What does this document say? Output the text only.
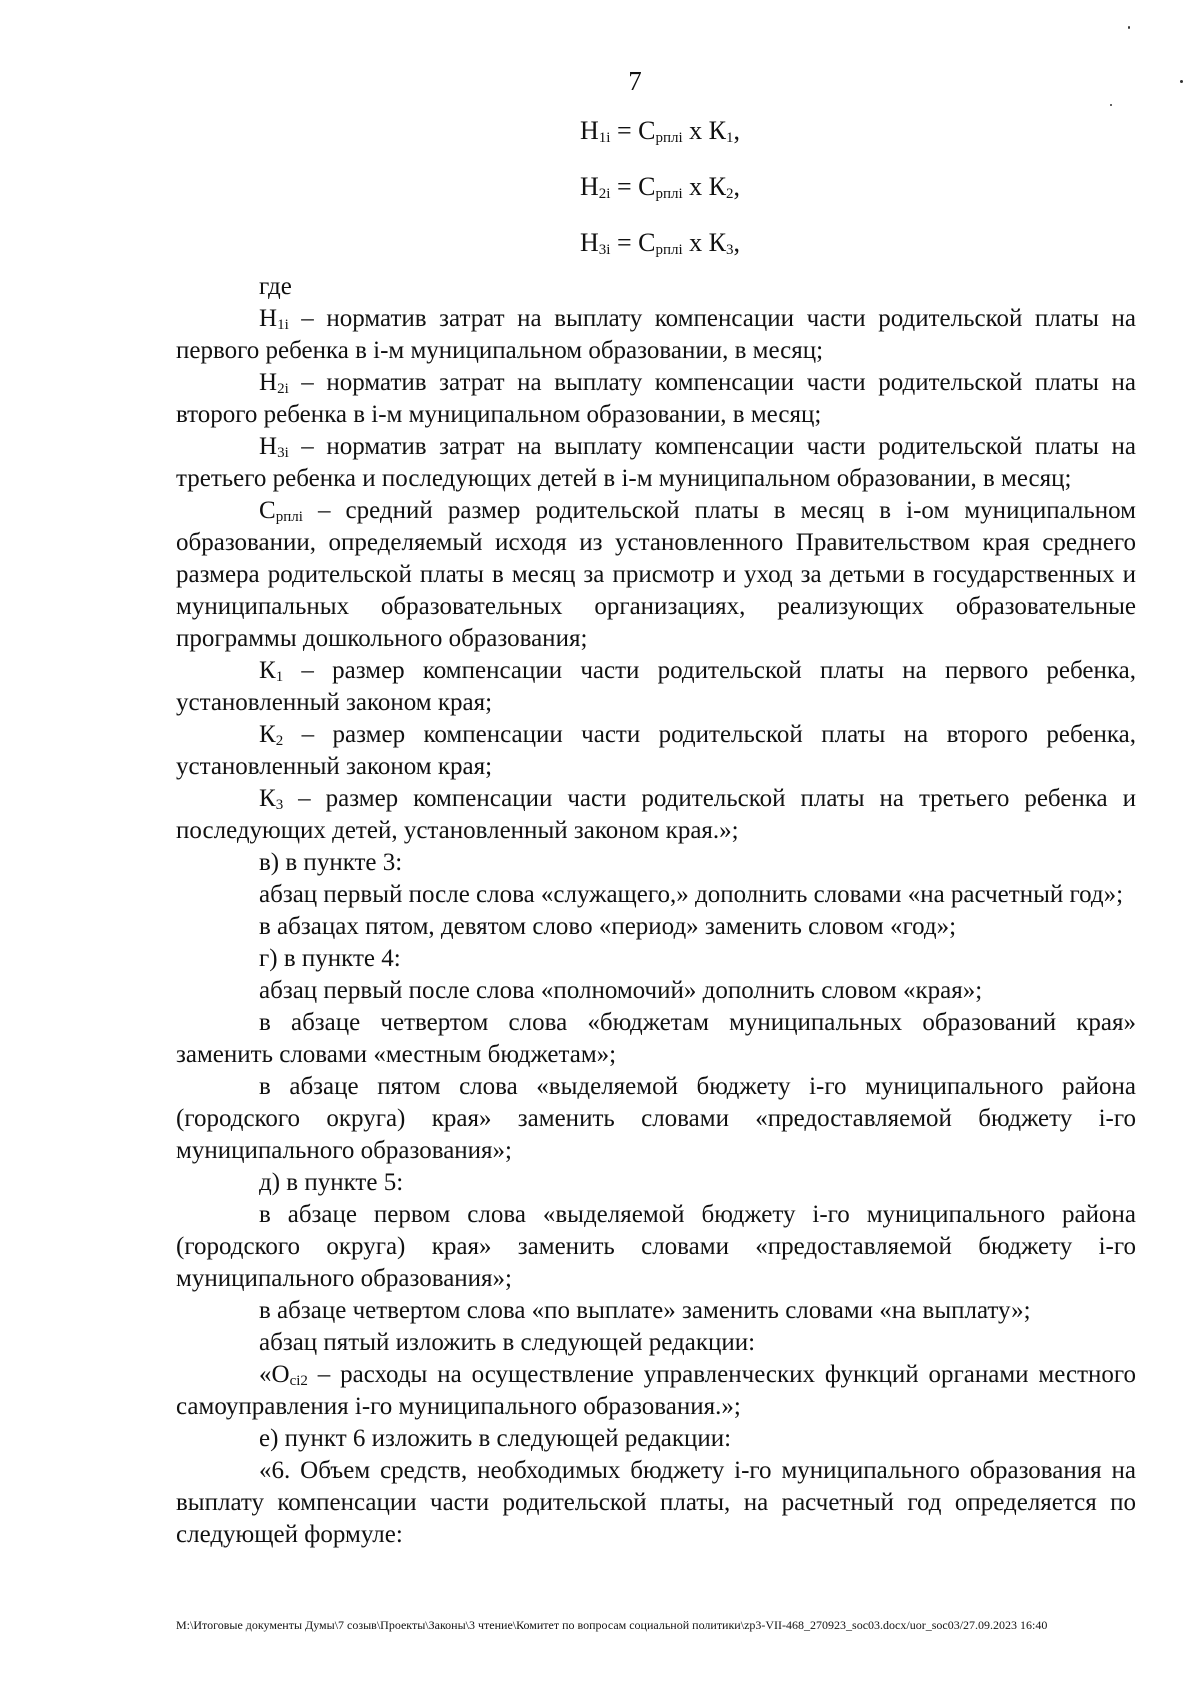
7
$Н_{1i} = С_{рплi}$ х $К_1$,
$Н_{2i} = С_{рплi}$ х $К_2$,
$Н_{3i} = С_{рплi}$ х $К_3$,

где

$Н_{1i}$ – норматив затрат на выплату компенсации части родительской платы на первого ребенка в i-м муниципальном образовании, в месяц;

$Н_{2i}$ – норматив затрат на выплату компенсации части родительской платы на второго ребенка в i-м муниципальном образовании, в месяц;

$Н_{3i}$ – норматив затрат на выплату компенсации части родительской платы на третьего ребенка и последующих детей в i-м муниципальном образовании, в месяц;

$С_{рплi}$ – средний размер родительской платы в месяц в i-ом муниципальном образовании, определяемый исходя из установленного Правительством края среднего размера родительской платы в месяц за присмотр и уход за детьми в государственных и муниципальных образовательных организациях, реализующих образовательные программы дошкольного образования;

$К_1$ – размер компенсации части родительской платы на первого ребенка, установленный законом края;

$К_2$ – размер компенсации части родительской платы на второго ребенка, установленный законом края;

$К_3$ – размер компенсации части родительской платы на третьего ребенка и последующих детей, установленный законом края.»;

в) в пункте 3:

абзац первый после слова «служащего,» дополнить словами «на расчетный год»;

в абзацах пятом, девятом слово «период» заменить словом «год»;

г) в пункте 4:

абзац первый после слова «полномочий» дополнить словом «края»;

в абзаце четвертом слова «бюджетам муниципальных образований края» заменить словами «местным бюджетам»;

в абзаце пятом слова «выделяемой бюджету i-го муниципального района (городского округа) края» заменить словами «предоставляемой бюджету i-го муниципального образования»;

д) в пункте 5:

в абзаце первом слова «выделяемой бюджету i-го муниципального района (городского округа) края» заменить словами «предоставляемой бюджету i-го муниципального образования»;

в абзаце четвертом слова «по выплате» заменить словами «на выплату»;

абзац пятый изложить в следующей редакции:

«$О_{ci2}$ – расходы на осуществление управленческих функций органами местного самоуправления i-го муниципального образования.»;

е) пункт 6 изложить в следующей редакции:

«6. Объем средств, необходимых бюджету i-го муниципального образования на выплату компенсации части родительской платы, на расчетный год определяется по следующей формуле:

M:\Итоговые документы Думы\7 созыв\Проекты\Законы\3 чтение\Комитет по вопросам социальной политики\zp3-VII-468_270923_soc03.docx/uor_soc03/27.09.2023 16:40
